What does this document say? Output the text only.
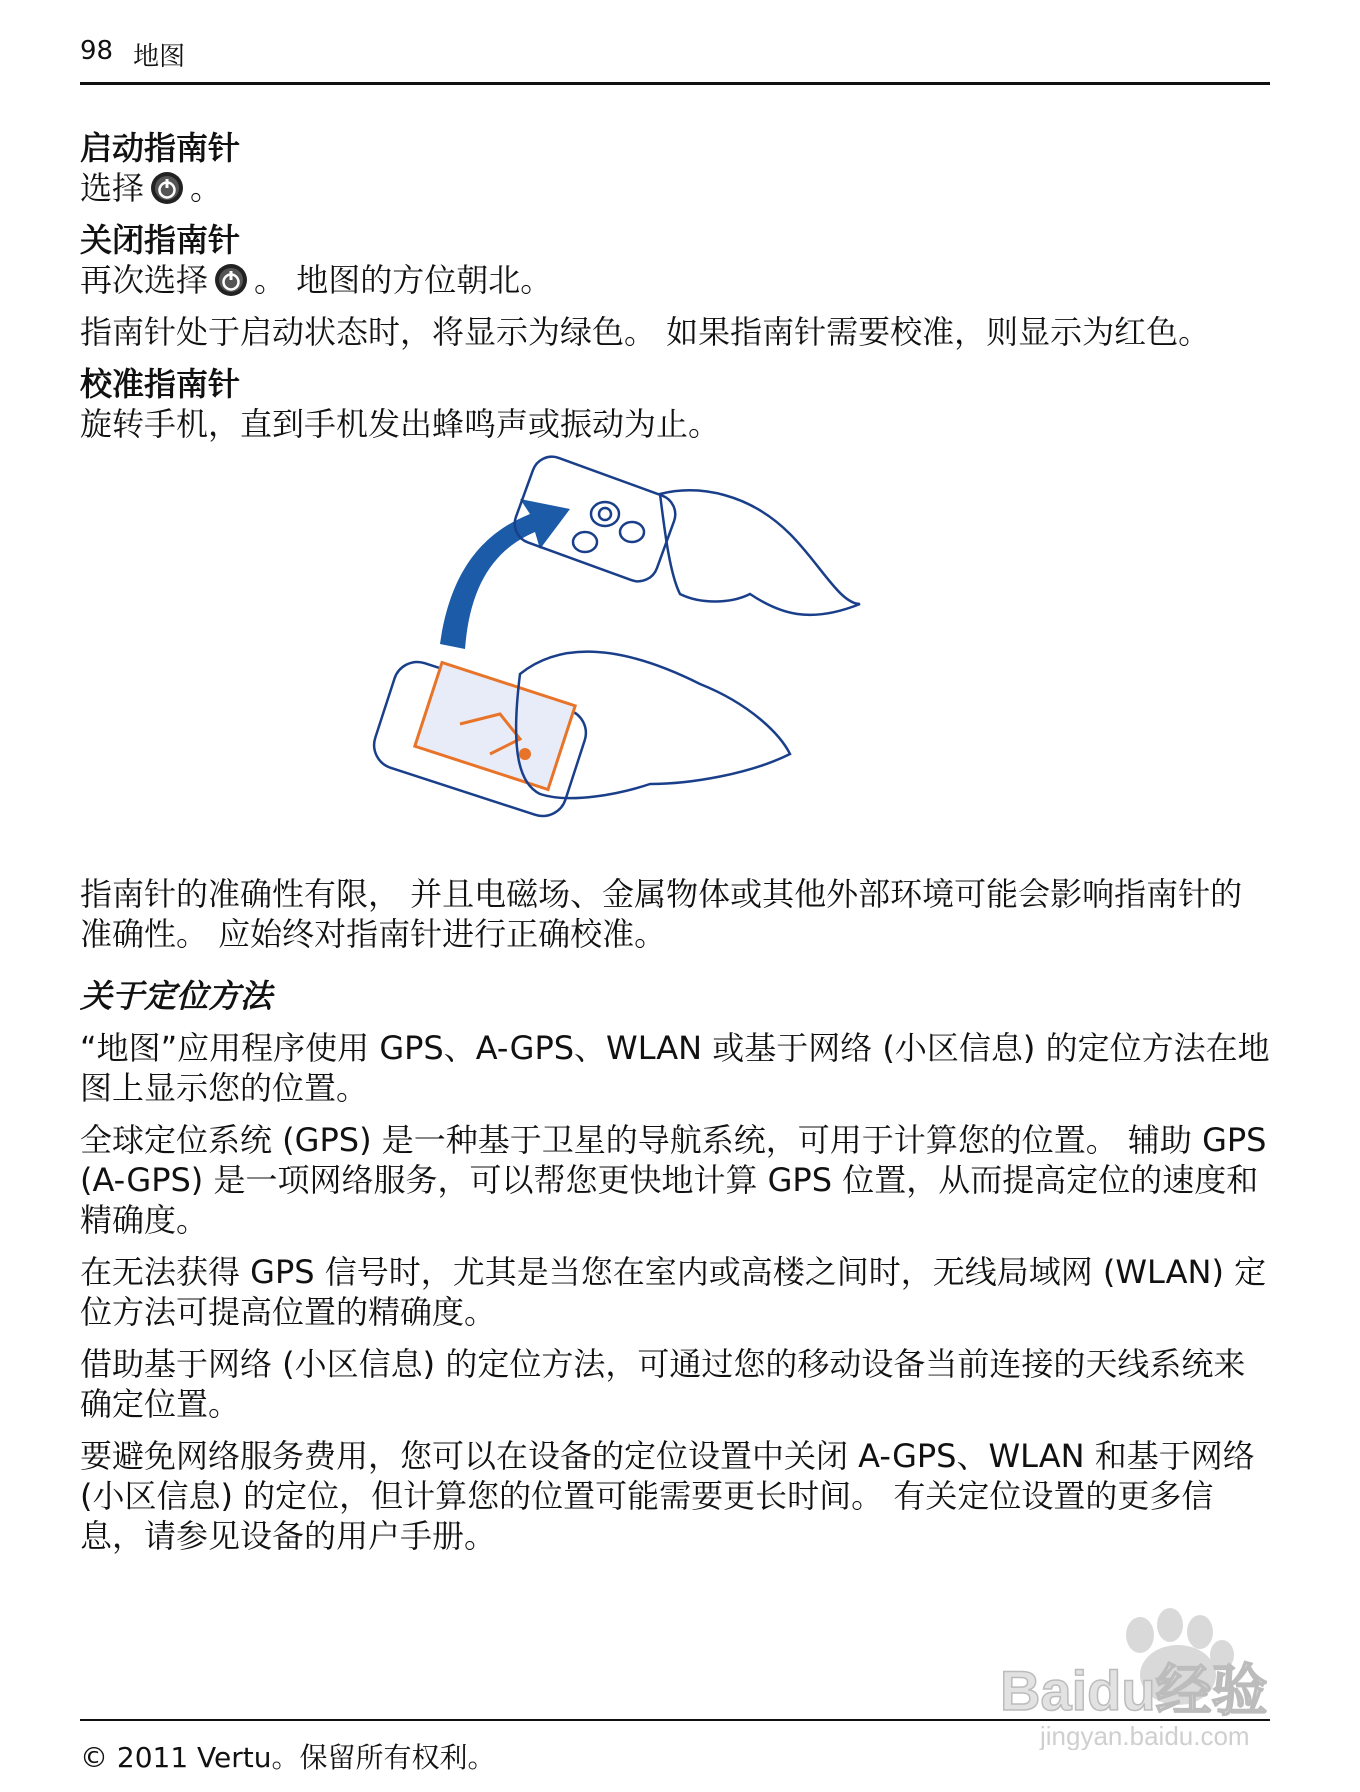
98 地图
启动指南针
选择 。
关闭指南针
再次选择 。 地图的方位朝北。
指南针处于启动状态时，将显示为绿色。 如果指南针需要校准，则显示为红色。
校准指南针
旋转手机，直到手机发出蜂鸣声或振动为止。
指南针的准确性有限， 并且电磁场、金属物体或其他外部环境可能会影响指南针的准确性。 应始终对指南针进行正确校准。
关于定位方法
“地图”应用程序使用 GPS、A-GPS、WLAN 或基于网络 (小区信息) 的定位方法在地图上显示您的位置。
全球定位系统 (GPS) 是一种基于卫星的导航系统，可用于计算您的位置。 辅助 GPS (A-GPS) 是一项网络服务，可以帮您更快地计算 GPS 位置，从而提高定位的速度和精确度。
在无法获得 GPS 信号时，尤其是当您在室内或高楼之间时，无线局域网 (WLAN) 定位方法可提高位置的精确度。
借助基于网络 (小区信息) 的定位方法，可通过您的移动设备当前连接的天线系统来确定位置。
要避免网络服务费用，您可以在设备的定位设置中关闭 A-GPS、WLAN 和基于网络 (小区信息) 的定位，但计算您的位置可能需要更长时间。 有关定位设置的更多信息，请参见设备的用户手册。
© 2011 Vertu。保留所有权利。
Baidu经验
jingyan.baidu.com
